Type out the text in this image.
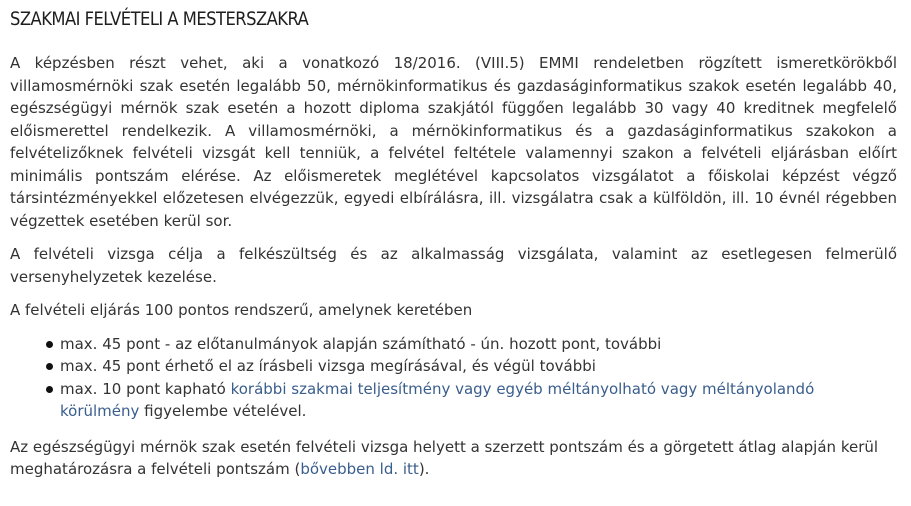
SZAKMAI FELVÉTELI A MESTERSZAKRA

A képzésben részt vehet, aki a vonatkozó 18/2016. (VIII.5) EMMI rendeletben rögzített ismeretkörökből villamosmérnöki szak esetén legalább 50, mérnökinformatikus és gazdaságinformatikus szakok esetén legalább 40, egészségügyi mérnök szak esetén a hozott diploma szakjától függően legalább 30 vagy 40 kreditnek megfelelő előismerettel rendelkezik. A villamosmérnöki, a mérnökinformatikus és a gazdaságinformatikus szakokon a felvételizőknek felvételi vizsgát kell tenniük, a felvétel feltétele valamennyi szakon a felvételi eljárásban előírt minimális pontszám elérése. Az előismeretek meglétével kapcsolatos vizsgálatot a főiskolai képzést végző társintézményekkel előzetesen elvégezzük, egyedi elbírálásra, ill. vizsgálatra csak a külföldön, ill. 10 évnél régebben végzettek esetében kerül sor.

A felvételi vizsga célja a felkészültség és az alkalmasság vizsgálata, valamint az esetlegesen felmerülő versenyhelyzetek kezelése.

A felvételi eljárás 100 pontos rendszerű, amelynek keretében

max. 45 pont - az előtanulmányok alapján számítható - ún. hozott pont, további
max. 45 pont érhető el az írásbeli vizsga megírásával, és végül további
max. 10 pont kapható korábbi szakmai teljesítmény vagy egyéb méltányolható vagy méltányolandó körülmény figyelembe vételével.

Az egészségügyi mérnök szak esetén felvételi vizsga helyett a szerzett pontszám és a görgetett átlag alapján kerül meghatározásra a felvételi pontszám (bővebben ld. itt).
